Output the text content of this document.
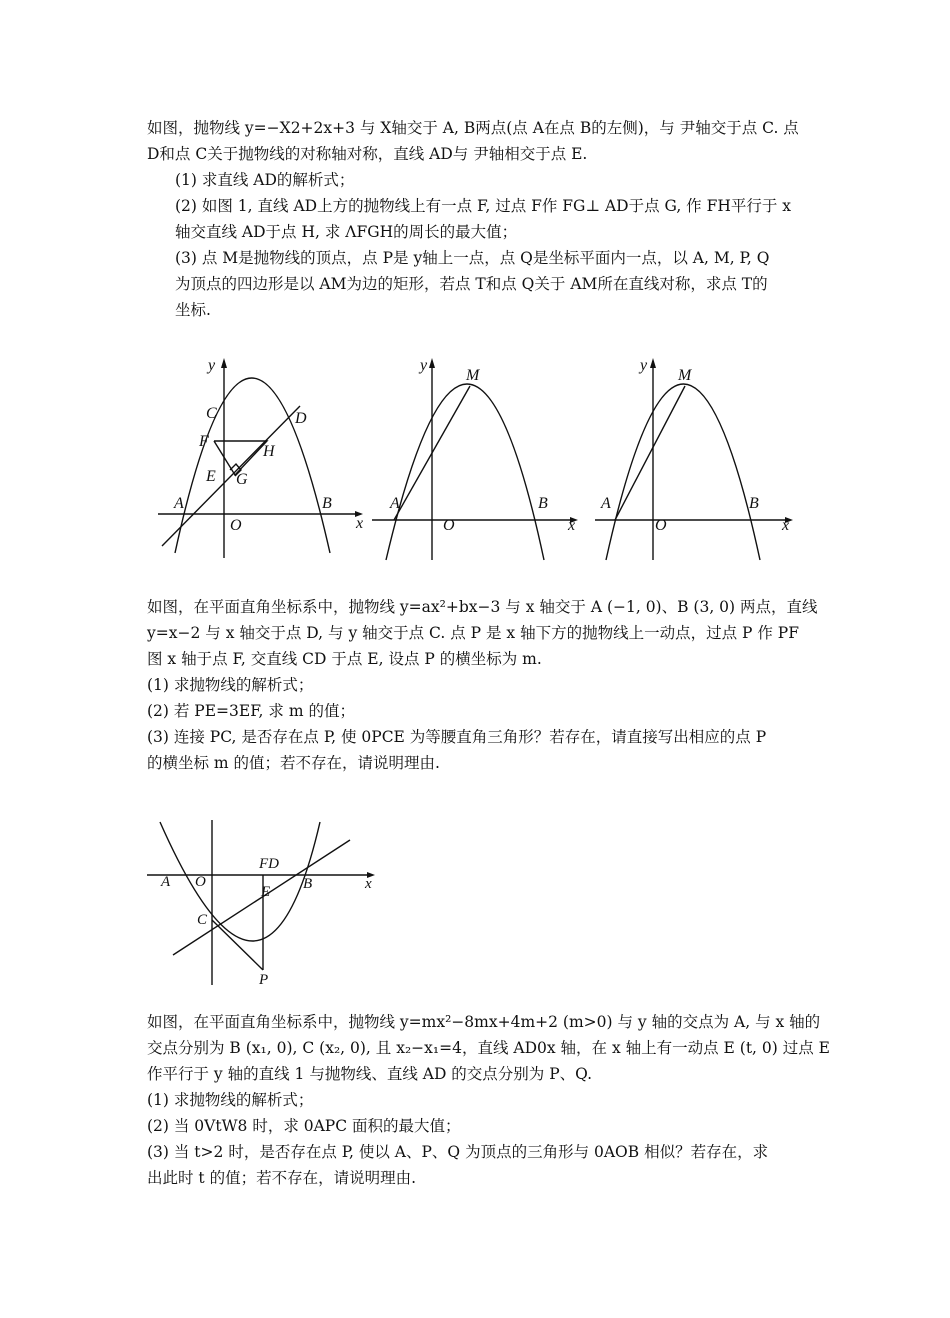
如图，抛物线 y=−X2+2x+3 与 X轴交于 A, B两点(点 A在点 B的左侧)，与 尹轴交于点 C. 点
D和点 C关于抛物线的对称轴对称，直线 AD与 尹轴相交于点 E.
(1) 求直线 AD的解析式；
(2) 如图 1, 直线 AD上方的抛物线上有一点 F, 过点 F作 FG⊥ AD于点 G, 作 FH平行于 x
轴交直线 AD于点 H, 求 ΛFGH的周长的最大值；
(3) 点 M是抛物线的顶点，点 P是 y轴上一点，点 Q是坐标平面内一点，以 A, M, P, Q
为顶点的四边形是以 AM为边的矩形，若点 T和点 Q关于 AM所在直线对称，求点 T的
坐标.
y
x
O
A	B
C	D
E
F
G
H
y
x
O
A	B
M
y
x
O
A	B
M
如图，在平面直角坐标系中，抛物线 y=ax²+bx−3 与 x 轴交于 A (−1, 0)、B (3, 0) 两点，直线
y=x−2 与 x 轴交于点 D, 与 y 轴交于点 C. 点 P 是 x 轴下方的抛物线上一动点，过点 P 作 PF
图 x 轴于点 F, 交直线 CD 于点 E, 设点 P 的横坐标为 m.
(1) 求抛物线的解析式；
(2) 若 PE=3EF, 求 m 的值；
(3) 连接 PC, 是否存在点 P, 使 0PCE 为等腰直角三角形？若存在，请直接写出相应的点 P
的横坐标 m 的值；若不存在，请说明理由.
A O
FD
E B	x
C
P
如图，在平面直角坐标系中，抛物线 y=mx²−8mx+4m+2 (m>0) 与 y 轴的交点为 A, 与 x 轴的
交点分别为 B (x₁, 0), C (x₂, 0), 且 x₂−x₁=4，直线 AD0x 轴，在 x 轴上有一动点 E (t, 0) 过点 E
作平行于 y 轴的直线 1 与抛物线、直线 AD 的交点分别为 P、Q.
(1) 求抛物线的解析式；
(2) 当 0VtW8 时，求 0APC 面积的最大值；
(3) 当 t>2 时，是否存在点 P, 使以 A、P、Q 为顶点的三角形与 0AOB 相似？若存在，求
出此时 t 的值；若不存在，请说明理由.
